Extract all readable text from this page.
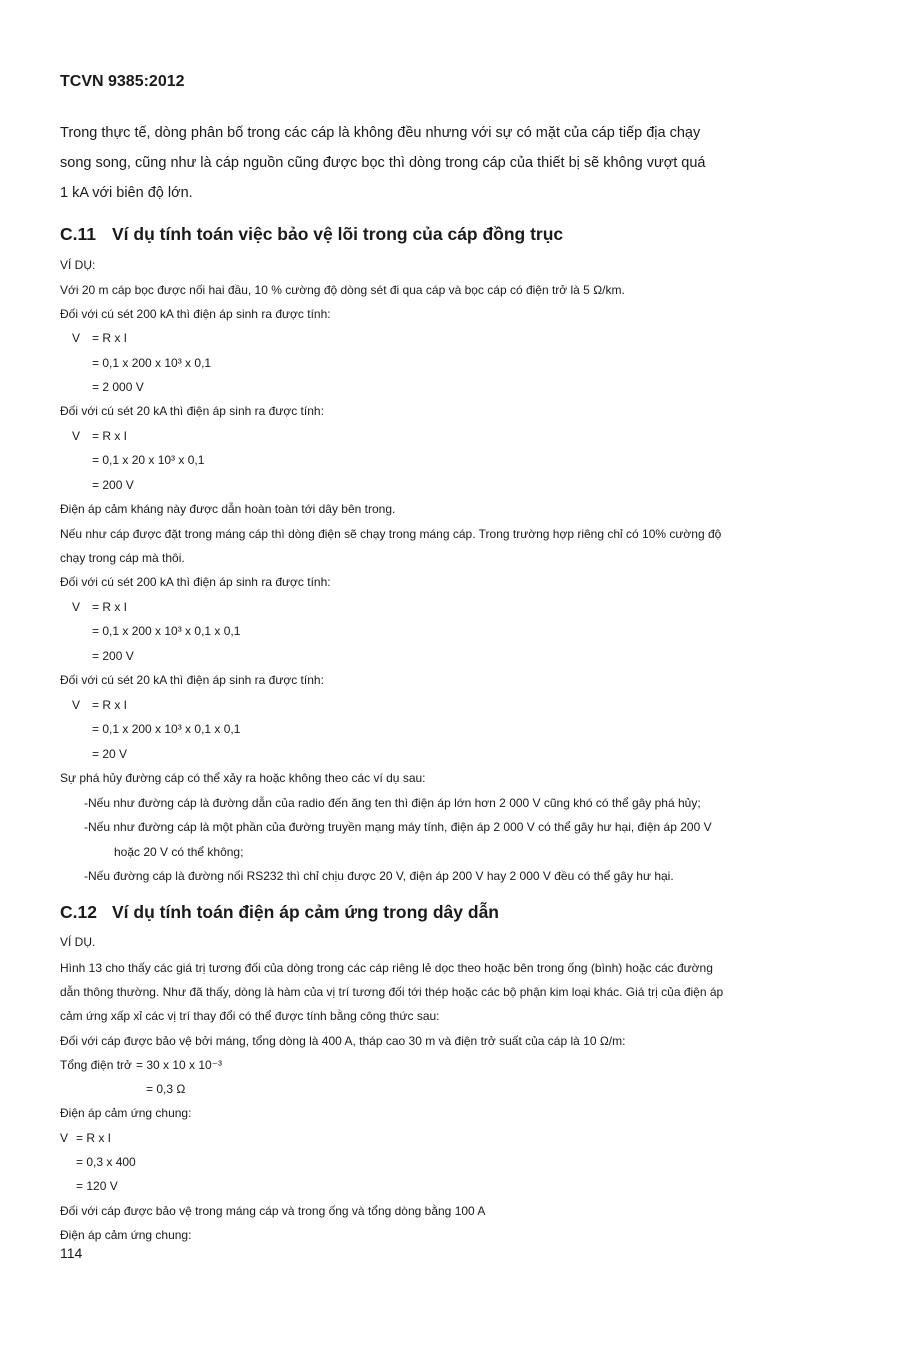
TCVN 9385:2012
Trong thực tế, dòng phân bố trong các cáp là không đều nhưng với sự có mặt của cáp tiếp địa chạy
song song, cũng như là cáp nguồn cũng được bọc thì dòng trong cáp của thiết bị sẽ không vượt quá
1 kA với biên độ lớn.
C.11 Ví dụ tính toán việc bảo vệ lõi trong của cáp đồng trục
VÍ DỤ:
Với 20 m cáp bọc được nối hai đầu, 10 % cường độ dòng sét đi qua cáp và bọc cáp có điện trở là 5 Ω/km.
Đối với cú sét 200 kA thì điện áp sinh ra được tính:
V = R x I
= 0,1 x 200 x 10³ x 0,1
= 2 000 V
Đối với cú sét 20 kA thì điện áp sinh ra được tính:
V = R x I
= 0,1 x 20 x 10³ x 0,1
= 200 V
Điện áp cảm kháng này được dẫn hoàn toàn tới dây bên trong.
Nếu như cáp được đặt trong máng cáp thì dòng điện sẽ chạy trong máng cáp. Trong trường hợp riêng chỉ có 10% cường độ
chạy trong cáp mà thôi.
Đối với cú sét 200 kA thì điện áp sinh ra được tính:
V = R x I
= 0,1 x 200 x 10³ x 0,1 x 0,1
= 200 V
Đối với cú sét 20 kA thì điện áp sinh ra được tính:
V = R x I
= 0,1 x 200 x 10³ x 0,1 x 0,1
= 20 V
Sự phá hủy đường cáp có thể xảy ra hoặc không theo các ví dụ sau:
-Nếu như đường cáp là đường dẫn của radio đến ăng ten thì điện áp lớn hơn 2 000 V cũng khó có thể gây phá hủy;
-Nếu như đường cáp là một phần của đường truyền mạng máy tính, điện áp 2 000 V có thể gây hư hại, điện áp 200 V
hoặc 20 V có thể không;
-Nếu đường cáp là đường nối RS232 thì chỉ chịu được 20 V, điện áp 200 V hay 2 000 V đều có thể gây hư hại.
C.12 Ví dụ tính toán điện áp cảm ứng trong dây dẫn
VÍ DỤ.
Hình 13 cho thấy các giá trị tương đối của dòng trong các cáp riêng lẻ dọc theo hoặc bên trong ống (bình) hoặc các đường
dẫn thông thường. Như đã thấy, dòng là hàm của vị trí tương đối tới thép hoặc các bộ phận kim loại khác. Giá trị của điện áp
cảm ứng xấp xỉ các vị trí thay đổi có thể được tính bằng công thức sau:
Đối với cáp được bảo vệ bởi máng, tổng dòng là 400 A, tháp cao 30 m và điện trở suất của cáp là 10 Ω/m:
Tổng điện trở = 30 x 10 x 10⁻³
= 0,3 Ω
Điện áp cảm ứng chung:
V = R x I
= 0,3 x 400
= 120 V
Đối với cáp được bảo vệ trong máng cáp và trong ống và tổng dòng bằng 100 A
Điện áp cảm ứng chung:
114
